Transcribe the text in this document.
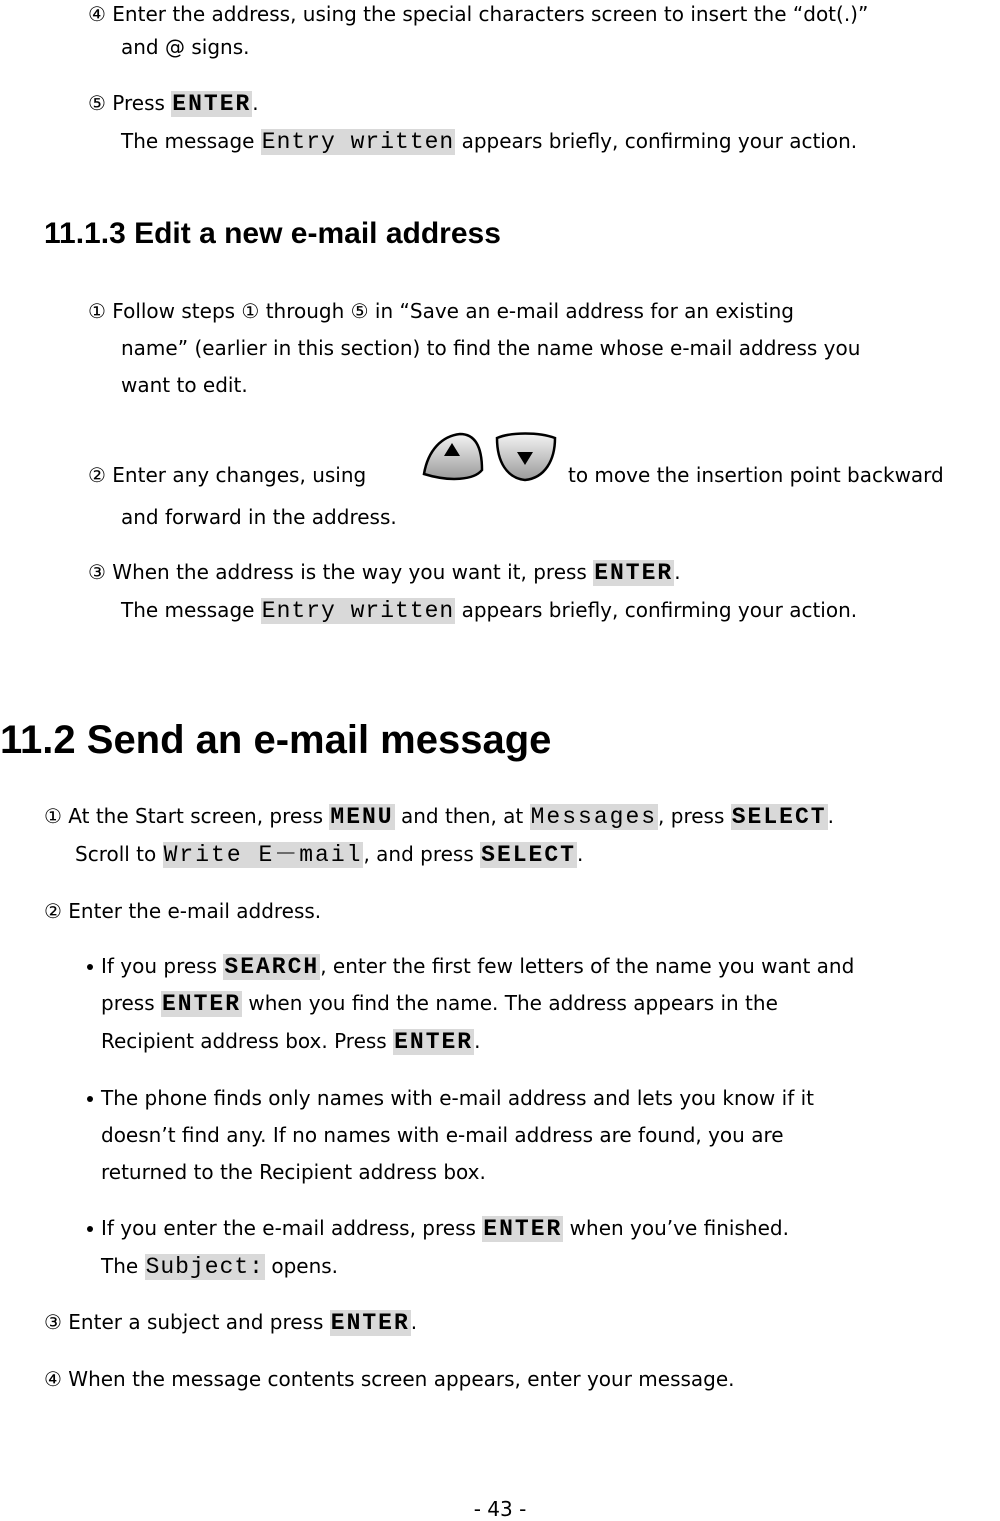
④ Enter the address, using the special characters screen to insert the “dot(.)”
and @ signs.
⑤ Press ENTER.
The message Entry written appears briefly, confirming your action.
11.1.3 Edit a new e-mail address
① Follow steps ① through ⑤ in “Save an e-mail address for an existing
name” (earlier in this section) to find the name whose e-mail address you
want to edit.
② Enter any changes, using	to move the insertion point backward
and forward in the address.
③ When the address is the way you want it, press ENTER.
The message Entry written appears briefly, confirming your action.
11.2 Send an e-mail message
① At the Start screen, press MENU and then, at Messages, press SELECT.
Scroll to Write E－mail, and press SELECT.
② Enter the e-mail address.
If you press SEARCH, enter the first few letters of the name you want and
press ENTER when you find the name. The address appears in the
Recipient address box. Press ENTER.
The phone finds only names with e-mail address and lets you know if it
doesn’t find any. If no names with e-mail address are found, you are
returned to the Recipient address box.
If you enter the e-mail address, press ENTER when you’ve finished.
The Subject: opens.
③ Enter a subject and press ENTER.
④ When the message contents screen appears, enter your message.
- 43 -
